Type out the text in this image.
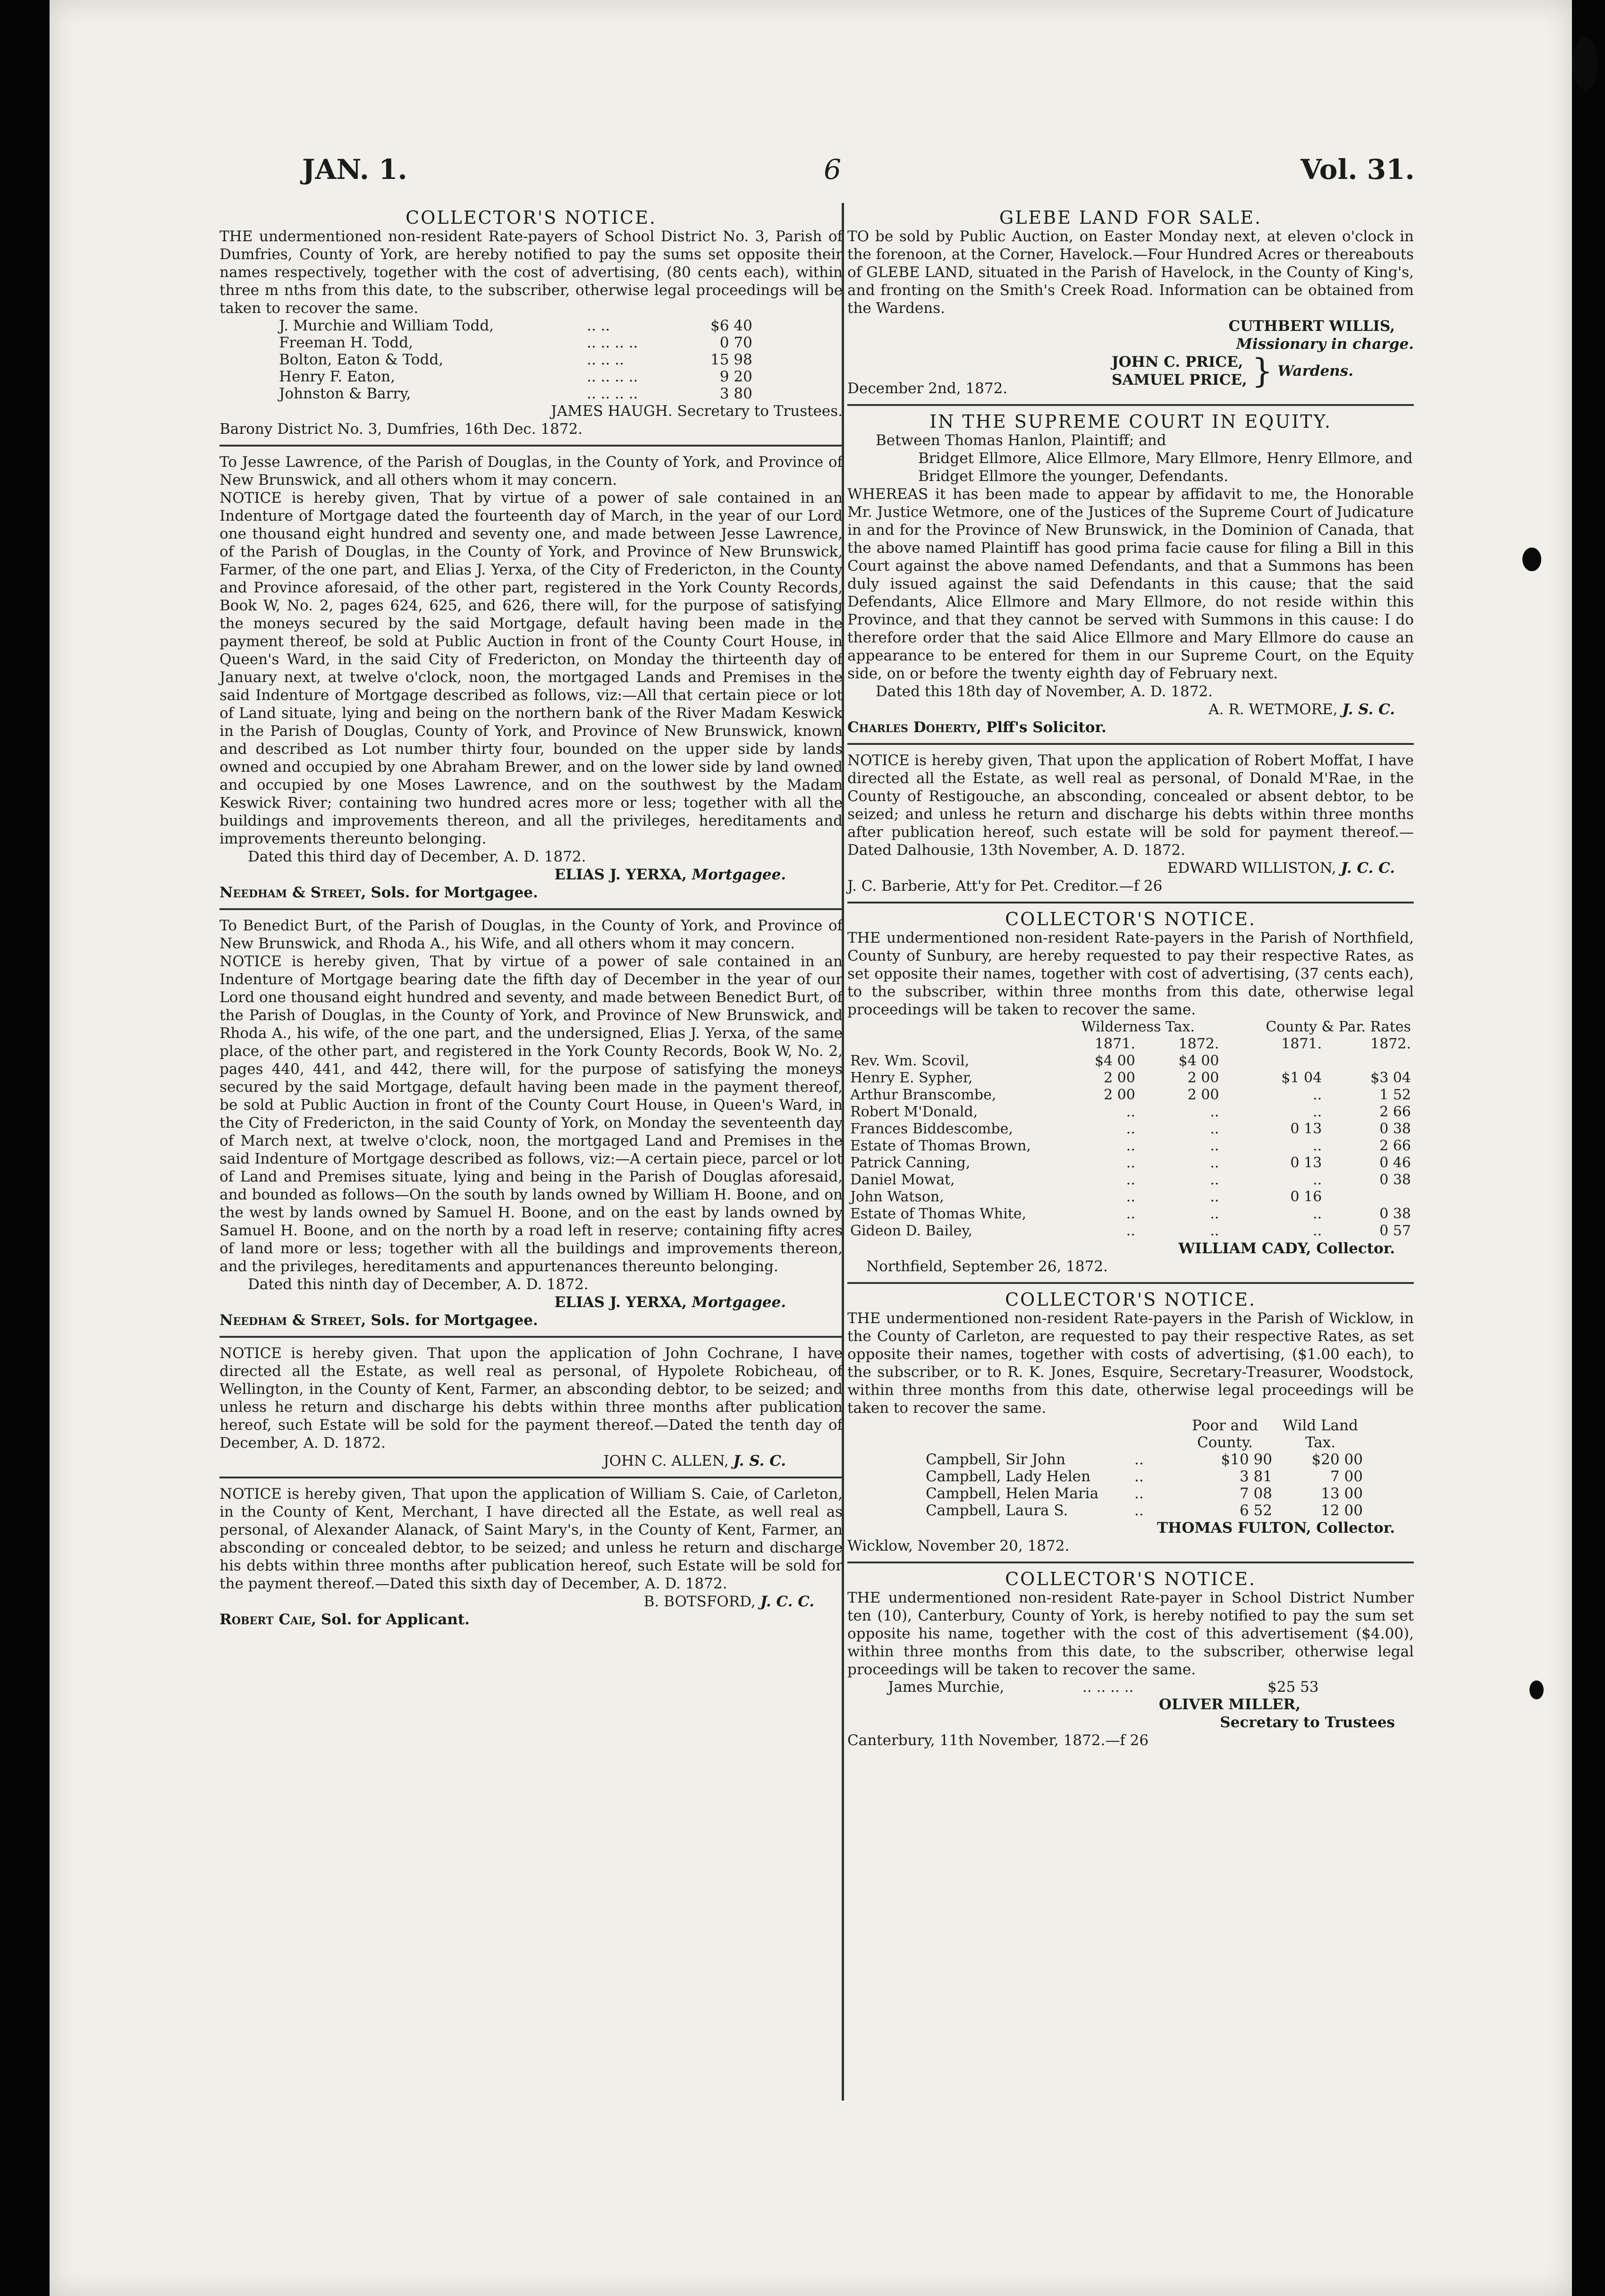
JAN. 1.	6	Vol. 31.
COLLECTOR'S NOTICE.
THE undermentioned non-resident Rate-payers of School District No. 3, Parish of Dumfries, County of York, are hereby notified to pay the sums set opposite their names respectively, together with the cost of advertising, (80 cents each), within three m nths from this date, to the subscriber, otherwise legal proceedings will be taken to recover the same.
J. Murchie and William Todd,	.. ..	$6 40
Freeman H. Todd,	.. .. .. ..	0 70
Bolton, Eaton & Todd,	.. .. ..	15 98
Henry F. Eaton,	.. .. .. ..	9 20
Johnston & Barry,	.. .. .. ..	3 80
JAMES HAUGH. Secretary to Trustees.
Barony District No. 3, Dumfries, 16th Dec. 1872.
To Jesse Lawrence, of the Parish of Douglas, in the County of York, and Province of New Brunswick, and all others whom it may concern.
NOTICE is hereby given, That by virtue of a power of sale contained in an Indenture of Mortgage dated the fourteenth day of March, in the year of our Lord one thousand eight hundred and seventy one, and made between Jesse Lawrence, of the Parish of Douglas, in the County of York, and Province of New Brunswick, Farmer, of the one part, and Elias J. Yerxa, of the City of Fredericton, in the County and Province aforesaid, of the other part, registered in the York County Records, Book W, No. 2, pages 624, 625, and 626, there will, for the purpose of satisfying the moneys secured by the said Mortgage, default having been made in the payment thereof, be sold at Public Auction in front of the County Court House, in Queen's Ward, in the said City of Fredericton, on Monday the thirteenth day of January next, at twelve o'clock, noon, the mortgaged Lands and Premises in the said Indenture of Mortgage described as follows, viz:—All that certain piece or lot of Land situate, lying and being on the northern bank of the River Madam Keswick in the Parish of Douglas, County of York, and Province of New Brunswick, known and described as Lot number thirty four, bounded on the upper side by lands owned and occupied by one Abraham Brewer, and on the lower side by land owned and occupied by one Moses Lawrence, and on the southwest by the Madam Keswick River; containing two hundred acres more or less; together with all the buildings and improvements thereon, and all the privileges, hereditaments and improvements thereunto belonging.
Dated this third day of December, A. D. 1872.
ELIAS J. YERXA, Mortgagee.
Needham & Street, Sols. for Mortgagee.
To Benedict Burt, of the Parish of Douglas, in the County of York, and Province of New Brunswick, and Rhoda A., his Wife, and all others whom it may concern.
NOTICE is hereby given, That by virtue of a power of sale contained in an Indenture of Mortgage bearing date the fifth day of December in the year of our Lord one thousand eight hundred and seventy, and made between Benedict Burt, of the Parish of Douglas, in the County of York, and Province of New Brunswick, and Rhoda A., his wife, of the one part, and the undersigned, Elias J. Yerxa, of the same place, of the other part, and registered in the York County Records, Book W, No. 2, pages 440, 441, and 442, there will, for the purpose of satisfying the moneys secured by the said Mortgage, default having been made in the payment thereof, be sold at Public Auction in front of the County Court House, in Queen's Ward, in the City of Fredericton, in the said County of York, on Monday the seventeenth day of March next, at twelve o'clock, noon, the mortgaged Land and Premises in the said Indenture of Mortgage described as follows, viz:—A certain piece, parcel or lot of Land and Premises situate, lying and being in the Parish of Douglas aforesaid, and bounded as follows—On the south by lands owned by William H. Boone, and on the west by lands owned by Samuel H. Boone, and on the east by lands owned by Samuel H. Boone, and on the north by a road left in reserve; containing fifty acres of land more or less; together with all the buildings and improvements thereon, and the privileges, hereditaments and appurtenances thereunto belonging.
Dated this ninth day of December, A. D. 1872.
ELIAS J. YERXA, Mortgagee.
Needham & Street, Sols. for Mortgagee.
NOTICE is hereby given. That upon the application of John Cochrane, I have directed all the Estate, as well real as personal, of Hypolete Robicheau, of Wellington, in the County of Kent, Farmer, an absconding debtor, to be seized; and unless he return and discharge his debts within three months after publication hereof, such Estate will be sold for the payment thereof.—Dated the tenth day of December, A. D. 1872.
JOHN C. ALLEN, J. S. C.
NOTICE is hereby given, That upon the application of William S. Caie, of Carleton, in the County of Kent, Merchant, I have directed all the Estate, as well real as personal, of Alexander Alanack, of Saint Mary's, in the County of Kent, Farmer, an absconding or concealed debtor, to be seized; and unless he return and discharge his debts within three months after publication hereof, such Estate will be sold for the payment thereof.—Dated this sixth day of December, A. D. 1872.
B. BOTSFORD, J. C. C.
Robert Caie, Sol. for Applicant.
GLEBE LAND FOR SALE.
TO be sold by Public Auction, on Easter Monday next, at eleven o'clock in the forenoon, at the Corner, Havelock.—Four Hundred Acres or thereabouts of GLEBE LAND, situated in the Parish of Havelock, in the County of King's, and fronting on the Smith's Creek Road. Information can be obtained from the Wardens.
CUTHBERT WILLIS,
Missionary in charge.
JOHN C. PRICE,
SAMUEL PRICE, } Wardens.
December 2nd, 1872.
IN THE SUPREME COURT IN EQUITY.
Between Thomas Hanlon, Plaintiff; and
Bridget Ellmore, Alice Ellmore, Mary Ellmore, Henry Ellmore, and Bridget Ellmore the younger, Defendants.
WHEREAS it has been made to appear by affidavit to me, the Honorable Mr. Justice Wetmore, one of the Justices of the Supreme Court of Judicature in and for the Province of New Brunswick, in the Dominion of Canada, that the above named Plaintiff has good prima facie cause for filing a Bill in this Court against the above named Defendants, and that a Summons has been duly issued against the said Defendants in this cause; that the said Defendants, Alice Ellmore and Mary Ellmore, do not reside within this Province, and that they cannot be served with Summons in this cause: I do therefore order that the said Alice Ellmore and Mary Ellmore do cause an appearance to be entered for them in our Supreme Court, on the Equity side, on or before the twenty eighth day of February next.
Dated this 18th day of November, A. D. 1872.
A. R. WETMORE, J. S. C.
Charles Doherty, Plff's Solicitor.
NOTICE is hereby given, That upon the application of Robert Moffat, I have directed all the Estate, as well real as personal, of Donald M'Rae, in the County of Restigouche, an absconding, concealed or absent debtor, to be seized; and unless he return and discharge his debts within three months after publication hereof, such estate will be sold for payment thereof.—Dated Dalhousie, 13th November, A. D. 1872.
EDWARD WILLISTON, J. C. C.
J. C. Barberie, Att'y for Pet. Creditor.—f 26
COLLECTOR'S NOTICE.
THE undermentioned non-resident Rate-payers in the Parish of Northfield, County of Sunbury, are hereby requested to pay their respective Rates, as set opposite their names, together with cost of advertising, (37 cents each), to the subscriber, within three months from this date, otherwise legal proceedings will be taken to recover the same.
	Wilderness Tax.		County & Par. Rates	
	1871.	1872.	1871.	1872.
Rev. Wm. Scovil,	$4 00	$4 00		
Henry E. Sypher,	2 00	2 00	$1 04	$3 04
Arthur Branscombe,	2 00	2 00	..	1 52
Robert M'Donald,	..	..	..	2 66
Frances Biddescombe,	..	..	0 13	0 38
Estate of Thomas Brown,	..	..	..	2 66
Patrick Canning,	..	..	0 13	0 46
Daniel Mowat,	..	..	..	0 38
John Watson,	..	..	0 16	
Estate of Thomas White,	..	..	..	0 38
Gideon D. Bailey,	..	..	..	0 57
WILLIAM CADY, Collector.
Northfield, September 26, 1872.
COLLECTOR'S NOTICE.
THE undermentioned non-resident Rate-payers in the Parish of Wicklow, in the County of Carleton, are requested to pay their respective Rates, as set opposite their names, together with costs of advertising, ($1.00 each), to the subscriber, or to R. K. Jones, Esquire, Secretary-Treasurer, Woodstock, within three months from this date, otherwise legal proceedings will be taken to recover the same.
		Poor and County.	Wild Land Tax.
Campbell, Sir John	..	$10 90	$20 00
Campbell, Lady Helen	..	3 81	7 00
Campbell, Helen Maria	..	7 08	13 00
Campbell, Laura S.	..	6 52	12 00
THOMAS FULTON, Collector.
Wicklow, November 20, 1872.
COLLECTOR'S NOTICE.
THE undermentioned non-resident Rate-payer in School District Number ten (10), Canterbury, County of York, is hereby notified to pay the sum set opposite his name, together with the cost of this advertisement ($4.00), within three months from this date, to the subscriber, otherwise legal proceedings will be taken to recover the same.
James Murchie,	.. .. .. ..	$25 53
OLIVER MILLER,
Secretary to Trustees
Canterbury, 11th November, 1872.—f 26
